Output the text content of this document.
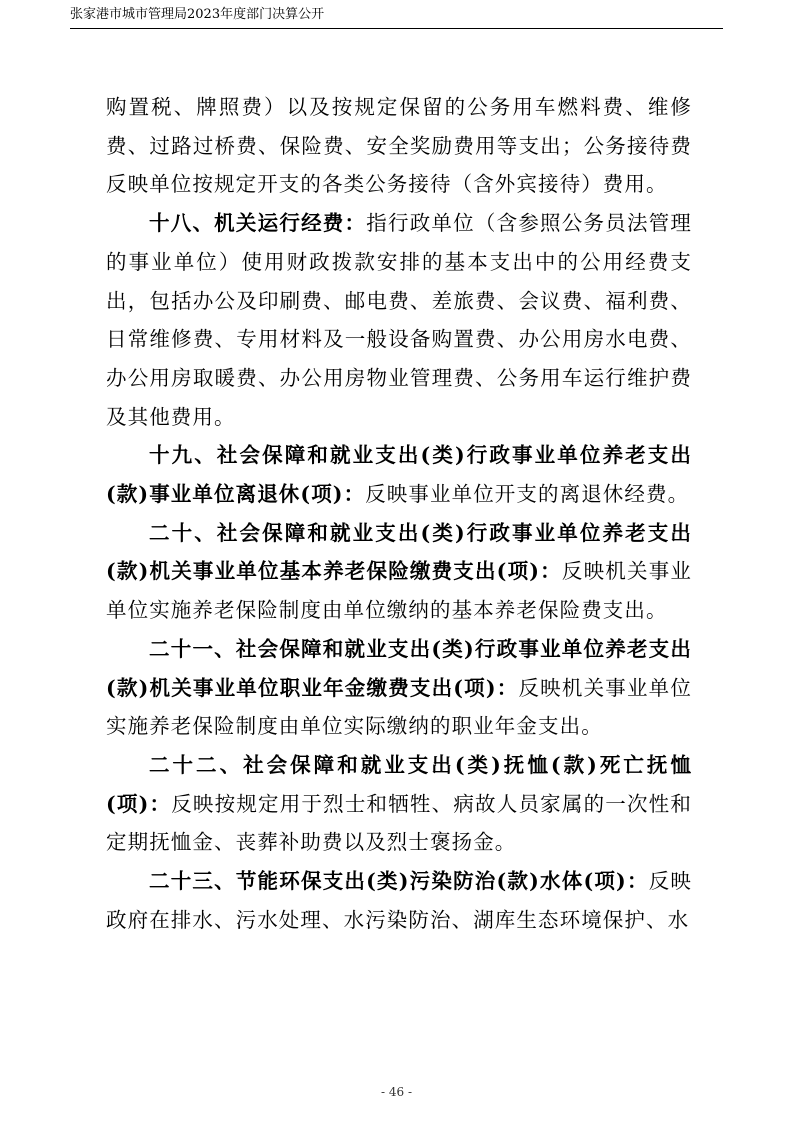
张家港市城市管理局2023年度部门决算公开

购置税、牌照费）以及按规定保留的公务用车燃料费、维修费、过路过桥费、保险费、安全奖励费用等支出；公务接待费反映单位按规定开支的各类公务接待（含外宾接待）费用。

十八、机关运行经费：指行政单位（含参照公务员法管理的事业单位）使用财政拨款安排的基本支出中的公用经费支出，包括办公及印刷费、邮电费、差旅费、会议费、福利费、日常维修费、专用材料及一般设备购置费、办公用房水电费、办公用房取暖费、办公用房物业管理费、公务用车运行维护费及其他费用。

十九、社会保障和就业支出(类)行政事业单位养老支出(款)事业单位离退休(项)：反映事业单位开支的离退休经费。

二十、社会保障和就业支出(类)行政事业单位养老支出(款)机关事业单位基本养老保险缴费支出(项)：反映机关事业单位实施养老保险制度由单位缴纳的基本养老保险费支出。

二十一、社会保障和就业支出(类)行政事业单位养老支出(款)机关事业单位职业年金缴费支出(项)：反映机关事业单位实施养老保险制度由单位实际缴纳的职业年金支出。

二十二、社会保障和就业支出(类)抚恤(款)死亡抚恤(项)：反映按规定用于烈士和牺牲、病故人员家属的一次性和定期抚恤金、丧葬补助费以及烈士褒扬金。

二十三、节能环保支出(类)污染防治(款)水体(项)：反映政府在排水、污水处理、水污染防治、湖库生态环境保护、水

- 46 -
